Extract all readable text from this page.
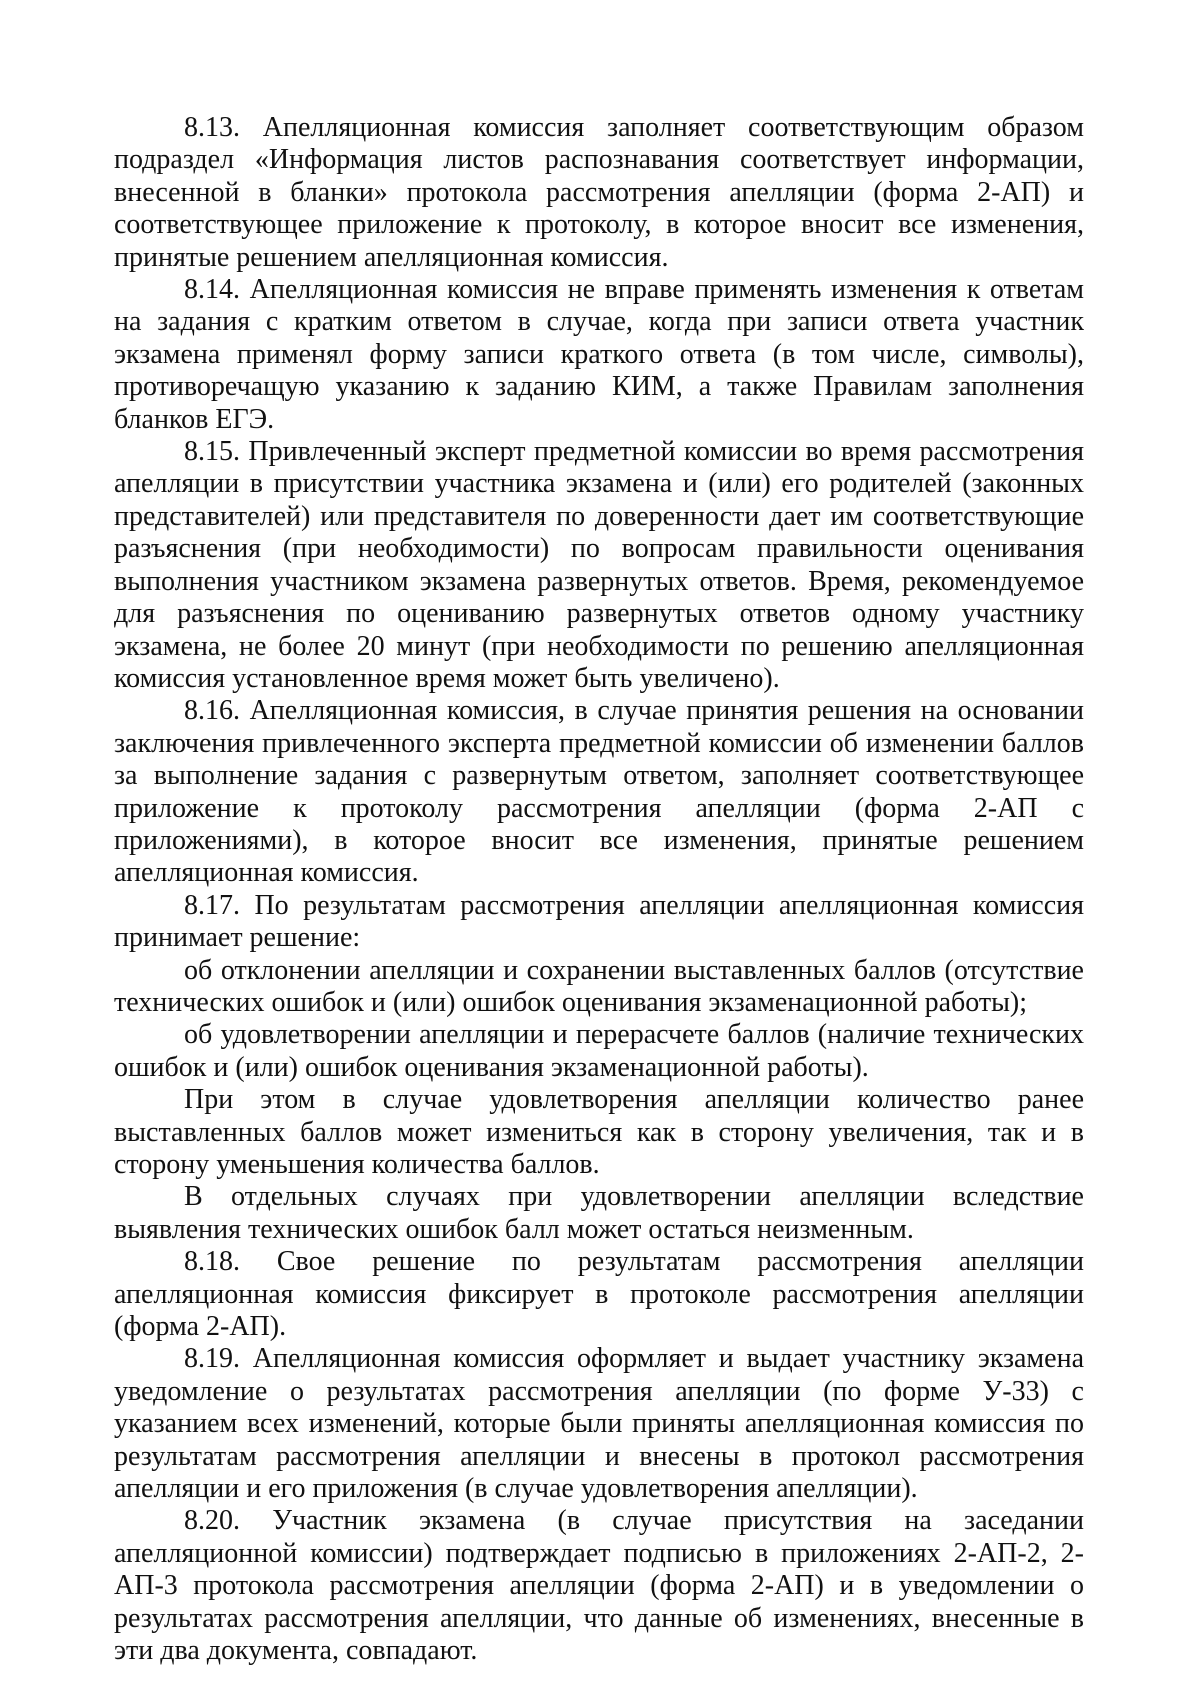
8.13. Апелляционная комиссия заполняет соответствующим образом подраздел «Информация листов распознавания соответствует информации, внесенной в бланки» протокола рассмотрения апелляции (форма 2-АП) и соответствующее приложение к протоколу, в которое вносит все изменения, принятые решением апелляционная комиссия.

8.14. Апелляционная комиссия не вправе применять изменения к ответам на задания с кратким ответом в случае, когда при записи ответа участник экзамена применял форму записи краткого ответа (в том числе, символы), противоречащую указанию к заданию КИМ, а также Правилам заполнения бланков ЕГЭ.

8.15. Привлеченный эксперт предметной комиссии во время рассмотрения апелляции в присутствии участника экзамена и (или) его родителей (законных представителей) или представителя по доверенности дает им соответствующие разъяснения (при необходимости) по вопросам правильности оценивания выполнения участником экзамена развернутых ответов. Время, рекомендуемое для разъяснения по оцениванию развернутых ответов одному участнику экзамена, не более 20 минут (при необходимости по решению апелляционная комиссия установленное время может быть увеличено).

8.16. Апелляционная комиссия, в случае принятия решения на основании заключения привлеченного эксперта предметной комиссии об изменении баллов за выполнение задания с развернутым ответом, заполняет соответствующее приложение к протоколу рассмотрения апелляции (форма 2-АП с приложениями), в которое вносит все изменения, принятые решением апелляционная комиссия.

8.17. По результатам рассмотрения апелляции апелляционная комиссия принимает решение:

об отклонении апелляции и сохранении выставленных баллов (отсутствие технических ошибок и (или) ошибок оценивания экзаменационной работы);

об удовлетворении апелляции и перерасчете баллов (наличие технических ошибок и (или) ошибок оценивания экзаменационной работы).

При этом в случае удовлетворения апелляции количество ранее выставленных баллов может измениться как в сторону увеличения, так и в сторону уменьшения количества баллов.

В отдельных случаях при удовлетворении апелляции вследствие выявления технических ошибок балл может остаться неизменным.

8.18. Свое решение по результатам рассмотрения апелляции апелляционная комиссия фиксирует в протоколе рассмотрения апелляции (форма 2-АП).

8.19. Апелляционная комиссия оформляет и выдает участнику экзамена уведомление о результатах рассмотрения апелляции (по форме У-33) с указанием всех изменений, которые были приняты апелляционная комиссия по результатам рассмотрения апелляции и внесены в протокол рассмотрения апелляции и его приложения (в случае удовлетворения апелляции).

8.20. Участник экзамена (в случае присутствия на заседании апелляционной комиссии) подтверждает подписью в приложениях 2-АП-2, 2-АП-3 протокола рассмотрения апелляции (форма 2-АП) и в уведомлении о результатах рассмотрения апелляции, что данные об изменениях, внесенные в эти два документа, совпадают.
